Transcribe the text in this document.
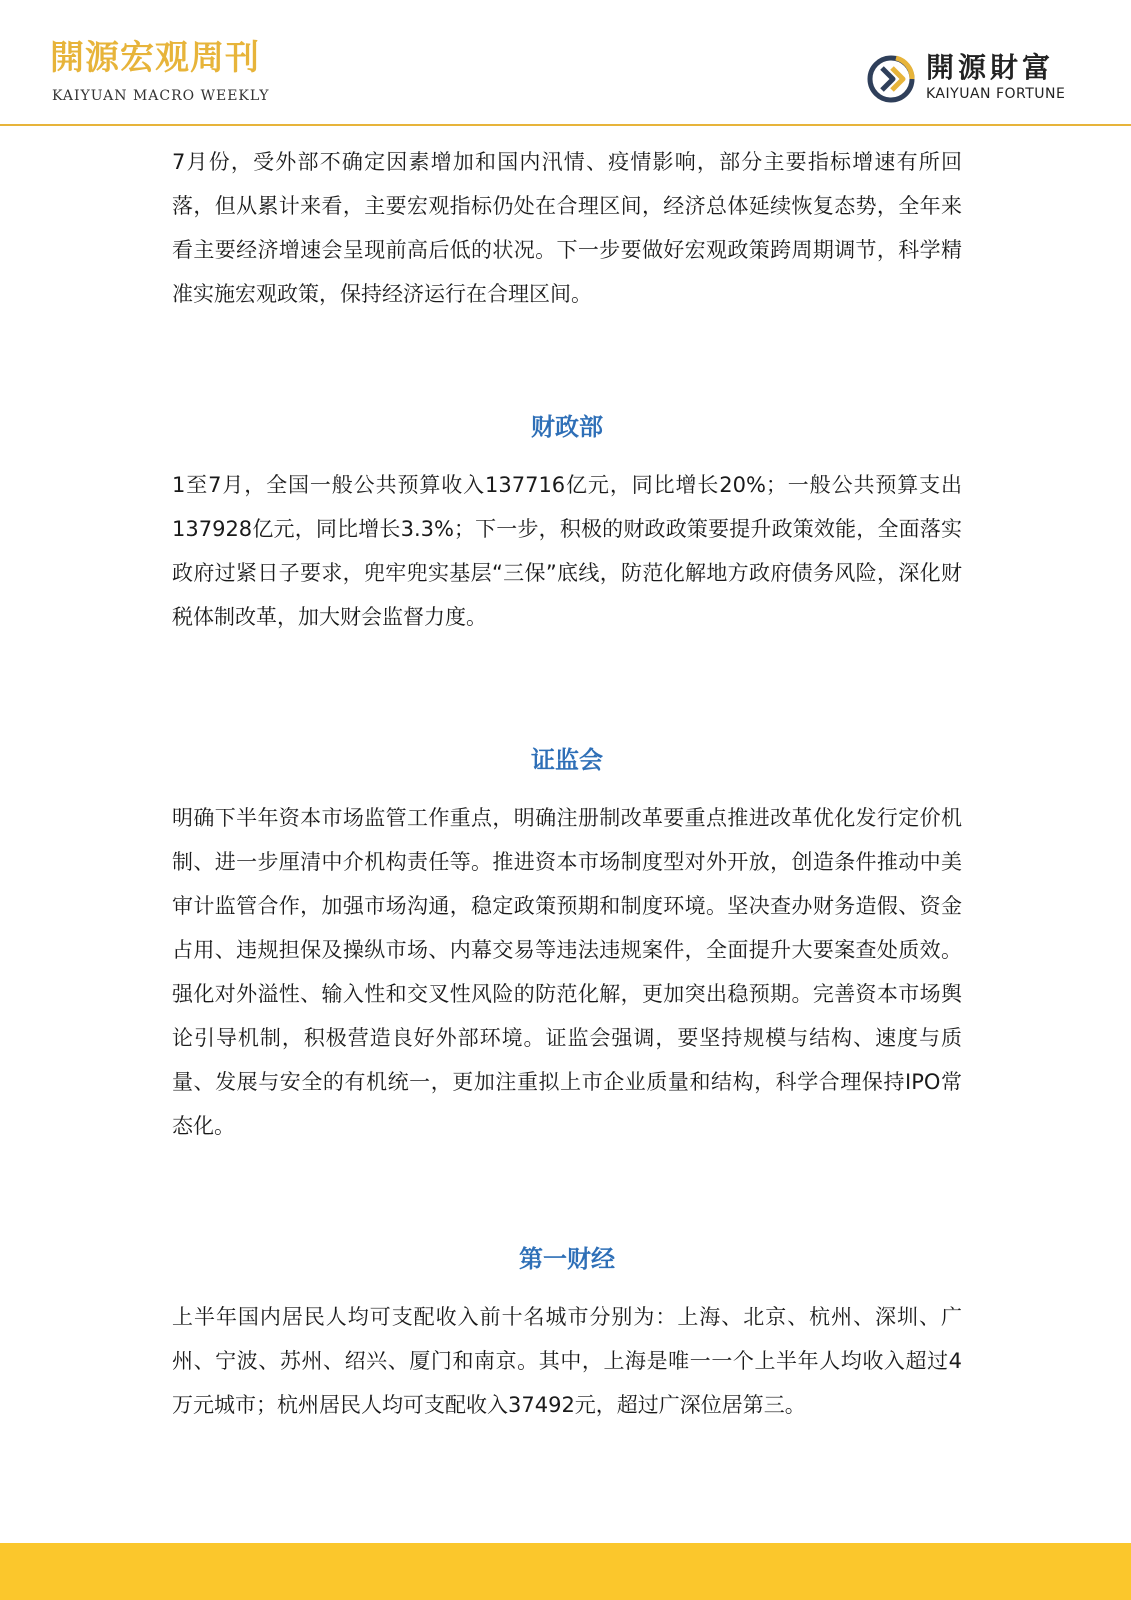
開源宏观周刊
KAIYUAN MACRO WEEKLY
開源財富
KAIYUAN FORTUNE

7月份，受外部不确定因素增加和国内汛情、疫情影响，部分主要指标增速有所回落，但从累计来看，主要宏观指标仍处在合理区间，经济总体延续恢复态势，全年来看主要经济增速会呈现前高后低的状况。下一步要做好宏观政策跨周期调节，科学精准实施宏观政策，保持经济运行在合理区间。

财政部

1至7月，全国一般公共预算收入137716亿元，同比增长20%；一般公共预算支出137928亿元，同比增长3.3%；下一步，积极的财政政策要提升政策效能，全面落实政府过紧日子要求，兜牢兜实基层“三保”底线，防范化解地方政府债务风险，深化财税体制改革，加大财会监督力度。

证监会

明确下半年资本市场监管工作重点，明确注册制改革要重点推进改革优化发行定价机制、进一步厘清中介机构责任等。推进资本市场制度型对外开放，创造条件推动中美审计监管合作，加强市场沟通，稳定政策预期和制度环境。坚决查办财务造假、资金占用、违规担保及操纵市场、内幕交易等违法违规案件，全面提升大要案查处质效。强化对外溢性、输入性和交叉性风险的防范化解，更加突出稳预期。完善资本市场舆论引导机制，积极营造良好外部环境。证监会强调，要坚持规模与结构、速度与质量、发展与安全的有机统一，更加注重拟上市企业质量和结构，科学合理保持IPO常态化。

第一财经

上半年国内居民人均可支配收入前十名城市分别为：上海、北京、杭州、深圳、广州、宁波、苏州、绍兴、厦门和南京。其中，上海是唯一一个上半年人均收入超过4万元城市；杭州居民人均可支配收入37492元，超过广深位居第三。
